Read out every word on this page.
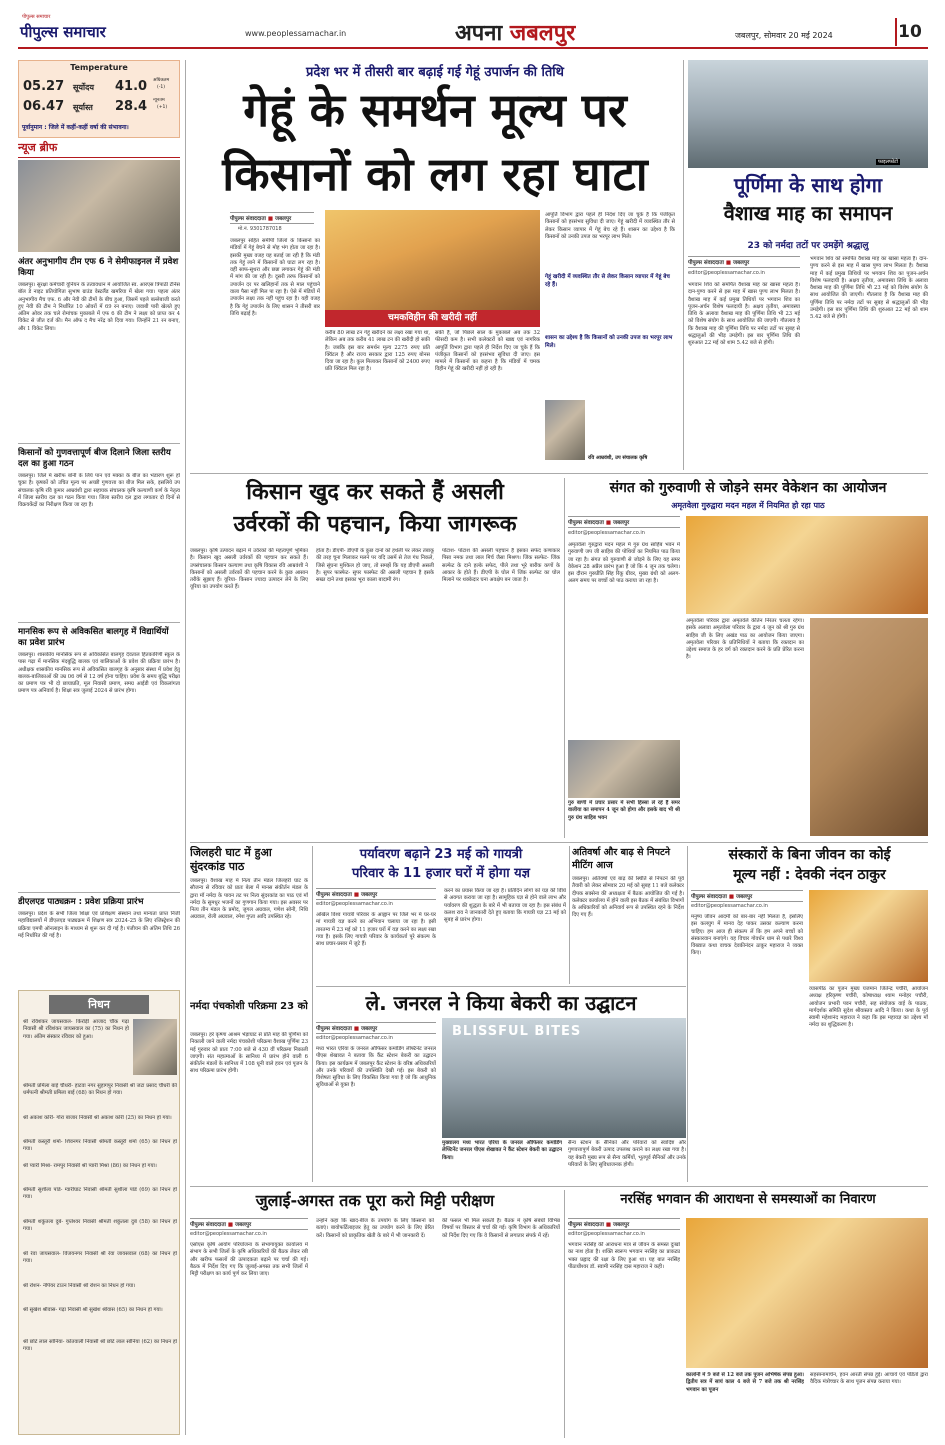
पीपुल्स समाचार
पीपुल्स समाचार
www.peoplessamachar.in	अपना जबलपुर	जबलपुर, सोमवार 20 मई 2024	10
Temperature
05.27 सूर्योदय 41.0 अधिकतम
(-1)
06.47 सूर्यास्त 28.4 न्यूनतम
(+1)
पूर्वानुमान : जिले में कहीं-कहीं वर्षा की संभावना।
न्यूज ब्रीफ
अंतर अनुभागीय टीम एफ 6 ने सेमीफाइनल में प्रवेश किया
जबलपुर। सुरक्षा कर्मचारी यूनियन के तत्वावधान में आयोजित स्व. आरएस त्रिपाठी टेनिस बॉल डे नाइट प्रतियोगिता सुभाष ग्राउंड वेस्टलैंड खमरिया में खेला गया। पहला अंतर अनुभागीय मैच एफ. 6 और नेवी की टीमों के बीच हुआ, जिसमें पहले बल्लेबाजी करते हुए नेवी की टीम ने निर्धारित 10 ओवरों में 69 रन बनाए। जवाबी पारी खेलते हुए अंतिम ओवर तक चले रोमांचक मुकाबले में एफ 6 की टीम ने लक्ष्य को प्राप्त कर 4 विकेट से जीत दर्ज की। मैन ऑफ द मैच नरेंद्र को दिया गया। जिन्होंने 21 रन बनाए, और 1 विकेट लिया।
किसानों को गुणवत्तापूर्ण बीज दिलाने जिला स्तरीय दल का हुआ गठन
जबलपुर। जिले में खरीफ बोनी के लिये पान एवं मक्का के बीज का भंडारण शुरू हो चुका है। कृषकों को उचित मूल्य पर अच्छी गुणवत्ता का बीज मिल सके, इसलिये उप संचालक कृषि रवि कुमार आम्रवंशी द्वारा सहायक संचालक कृषि कल्याणी कर्ण के नेतृत्व में जिला स्तरीय दल का गठन किया गया। जिला स्तरीय दल द्वारा लगातार दो दिनों से विक्रयकेंद्रों का निरीक्षण किया जा रहा है।
मानसिक रूप से अविकसित बालगृह में विद्यार्थियों का प्रवेश प्रारंभ
जबलपुर। शासकीय मानसिक रूप से अविकसित बालगृह देवताल हितकारिणी स्कूल के पास गढ़ा में मानसिक मंदबुद्धि बालक एवं बालिकाओं के प्रवेश की प्रक्रिया प्रारंभ है। अधीक्षक शासकीय मानसिक रूप से अविकसित बालगृह के अनुसार संस्था में प्रवेश हेतु बालक-बालिकाओं की उम्र 06 वर्ष से 12 वर्ष होना चाहिए। प्रवेश के समय बुद्धि परीक्षा का प्रमाण पत्र भी दो छायाप्रति, मूल निवासी प्रमाण, समग्र आईडी एवं विकलांगता प्रमाण पत्र अनिवार्य है। शिक्षा सत्र जुलाई 2024 से प्रारंभ होगा।
डीएलएड पाठ्यक्रम : प्रवेश प्रक्रिया प्रारंभ
जबलपुर। प्रदेश के सभी जिला शिक्षा एवं प्रशिक्षण संस्थान तथा मान्यता प्राप्त निजी महाविद्यालयों में डीएलएड पाठ्यक्रम में शिक्षण सत्र 2024-25 के लिए रजिस्ट्रेशन की प्रक्रिया एमपी ऑनलाइन के माध्यम से शुरू कर दी गई है। पंजीयन की अंतिम तिथि 26 मई निर्धारित की गई है।
निधन
श्री रविशंकर जायसवाल- किरोड़ी आजाद चौक गढ़ा निवासी श्री रविशंकर जायसवाल का (75) का निधन हो गया। अंतिम संस्कार रविवार को हुआ।
श्रीमती प्रमिला बाई चौधरी- हाटवा नगर सुहागपुर निवासी श्री जटा प्रसाद चौधरी की धर्मपत्नी श्रीमती प्रमिला बाई (68) का निधन हो गया।
श्री अकाश कोरी- गोरा बाजार निवासी श्री अकाश कोरी (25) का निधन हो गया।
श्रीमती कस्तूरी शर्मा- शिवनगर निवासी श्रीमती कस्तूरी शर्मा (65) का निधन हो गया।
श्री प्यारी मिश्रा- रामपुर निवासी श्री प्यारी मिश्रा (86) का निधन हो गया।
श्रीमती सुशीला पांडे- ग्वारीघाट निवासी श्रीमती सुशीला पांडे (69) का निधन हो गया।
श्रीमती शकुंतला दुबे- गुप्तेश्वर निवासी श्रीमती शकुंतला दुबे (58) का निधन हो गया।
श्री रेवा जायसवाल- विजयनगर निवासी श्री रेवा जायसवाल (68) का निधन हो गया।
श्री रोशन- नेपियर टाउन निवासी श्री रोशन का निधन हो गया।
श्री सुखेश श्रीवास- गढ़ा निवासी श्री सुखेश श्रीवास (65) का निधन हो गया।
श्री छोटे लाल सोनिया- कोतवाली निवासी श्री छोटे लाल सोनिया (62) का निधन हो गया।
प्रदेश भर में तीसरी बार बढ़ाई गई गेहूं उपार्जन की तिथि
गेहूं के समर्थन मूल्य पर
किसानों को लग रहा घाटा
पीपुल्स संवाददाता ■ जबलपुर
मो.नं. 9301787018
चमकविहीन की खरीदी नहीं
जबलपुर सहित समीपी जिलों के किसानों का मंडियों में गेहूं बेचने से मोह भंग होता जा रहा है। इसकी मुख्य वजह यह बताई जा रही है कि मंडी तक गेहूं लाने में किसानों को घाटा लग रहा है। वहीं साफ-सुथरा और छन्ना लगाकर गेहूं की मंडी में मांग की जा रही है। दूसरी तरफ किसानों को उपार्जन दर पर खलिहानों तक से माल पहुंचाने वाला पैसा नहीं मिल पा रहा है। ऐसे में मंडियों में उपार्जन लक्ष्य तक नहीं पहुंच रहा है। यही वजह है कि गेहूं उपार्जन के लिए शासन ने तीसरी बार तिथि बढ़ाई है।
करीब 80 लाख टन गेहूं खरीदने का लक्ष्य रखा गया था, लेकिन अब तक करीब 41 लाख टन की खरीदी हो सकी है। जबकि इस बार समर्थन मूल्य 2275 रुपए प्रति क्विंटल है और राज्य सरकार द्वारा 125 रुपए बोनस दिया जा रहा है। कुल मिलाकर किसानों को 2400 रुपए प्रति क्विंटल मिल रहा है।
सकी है, जो पिछले साल के मुकाबले अब तक 32 फीसदी कम है। सभी कलेक्टरों को खाद्य एवं नागरिक आपूर्ति विभाग द्वारा पहले ही निर्देश दिए जा चुके हैं कि पंजीकृत किसानों को हरसंभव सुविधा दी जाए। इस मामले में किसानों का कहना है कि मंडियों में चमक विहीन गेहूं की खरीदी नहीं हो रही है।
आपूर्ति विभाग द्वारा पहले ही निर्देश दिए जा चुके हैं कि पंजीकृत किसानों को हरसंभव सुविधा दी जाए। गेहूं खरीदी में व्यवस्थित तौर से लेकर किसान व्यापार में गेहूं बेच रहे हैं। शासन का उद्देश्य है कि किसानों को उनकी उपज का भरपूर लाभ मिले।
गेहूं खरीदी में व्यवस्थित तौर से लेकर किसान व्यापार में गेहूं बेच रहे हैं।
शासन का उद्देश्य है कि किसानों को उनकी उपज का भरपूर लाभ मिले।
रवि आम्रवंशी, उप संचालक कृषि
फाइलफोटो
पूर्णिमा के साथ होगा
वैशाख माह का समापन
23 को नर्मदा तटों पर उमड़ेंगे श्रद्धालु
पीपुल्स संवाददाता ■ जबलपुर
editor@peoplessamachar.co.in
भगवान शिव को समर्पित वैशाख माह का खासा महत्व है। दान-पुण्य करने से इस माह में खास पुण्य लाभ मिलता है। वैशाख माह में कई प्रमुख तिथियों पर भगवान शिव का पूजन-अर्चन विशेष फलदायी है। अक्षय तृतीया, अमावस्या तिथि के अलावा वैशाख माह की पूर्णिमा तिथि भी 23 मई को विशेष संयोग के साथ आयोजित की जाएगी। गौतलाव है कि वैशाख माह की पूर्णिमा तिथि पर नर्मदा तटों पर सुबह से श्रद्धालुओं की भीड़ उमड़ेगी। इस बार पूर्णिमा तिथि की शुरुआत 22 मई को शाम 5.42 बजे से होगी।
भगवान शिव को समर्पित वैशाख माह का खासा महत्व है। दान-पुण्य करने से इस माह में खास पुण्य लाभ मिलता है। वैशाख माह में कई प्रमुख तिथियों पर भगवान शिव का पूजन-अर्चन विशेष फलदायी है। अक्षय तृतीया, अमावस्या तिथि के अलावा वैशाख माह की पूर्णिमा तिथि भी 23 मई को विशेष संयोग के साथ आयोजित की जाएगी। गौतलाव है कि वैशाख माह की पूर्णिमा तिथि पर नर्मदा तटों पर सुबह से श्रद्धालुओं की भीड़ उमड़ेगी। इस बार पूर्णिमा तिथि की शुरुआत 22 मई को शाम 5.42 बजे से होगी।
किसान खुद कर सकते हैं असली
उर्वरकों की पहचान, किया जागरूक
जबलपुर। कृषि उत्पादन बढ़ाने में उर्वरकों की महत्वपूर्ण भूमिका है। किसान खुद असली उर्वरकों की पहचान कर सकते हैं। उपसंचालक किसान कल्याण तथा कृषि विकास रवि आम्रवंशी ने किसानों को असली उर्वरकों की पहचान करने के कुछ आसान तरीके सुझाए हैं। यूरिया- किसान ज्यादा उत्पादन लेने के लिए यूरिया का उपयोग करते हैं।
होता है। डीएपी- डीएपी के कुछ दानों को हथेली पर लेकर तंबाकू की तरह चूना मिलाकर मलने पर यदि उसमें से तेज गंध निकले, जिसे सूंघना मुश्किल हो जाए, तो समझें कि यह डीएपी असली है। सुपर फास्फेट- सुपर फास्फेट की असली पहचान है इसके सख्त दाने तथा इसका भूरा काला बादामी रंग।
पोटाश- पोटाश की असली पहचान है इसका सफेद कणाकार पिसा नमक तथा लाल मिर्च जैसा मिश्रण। जिंक सल्फेट- जिंक सल्फेट के दाने हल्के सफेद, पीले तथा भूरे बारीक कणों के आकार के होते हैं। डीएपी के घोल में जिंक सल्फेट का घोल मिलाने पर थक्केदार घना अवक्षेप बन जाता है।
संगत को गुरुवाणी से जोड़ने समर वेकेशन का आयोजन
अमृतवेला गुरुद्वारा मदन महल में नियमित हो रहा पाठ
पीपुल्स संवाददाता ■ जबलपुर
editor@peoplessamachar.co.in
अमृतवेला गुरुद्वारा मदन महल में गुरु ग्रंथ साहिब भवन में गुरुवाणी जप जी साहिब की पोथियों का नियमित पाठ किया जा रहा है। संगत को गुरुवाणी से जोड़ने के लिए यह समर वेकेशन 28 अप्रैल प्रारंभ हुआ है जो कि 4 जून तक चलेगा। इस दौरान गुरुप्रीति सिंह रिंकू ग्रीवर, मुख्य ग्रंथी को अलग-अलग समय पर बच्चों को पाठ कराया जा रहा है।
गुरु बाणी में प्रचार प्रसार में सभी हिस्सा ले रहे हैं समर वालीया का समापन 4 जून को होगा और इसके बाद भी श्री गुरु ग्रंथ साहिब भवन
अमृतवेला परिवार द्वारा अमृतवेले कीर्तन निरंतर चलता रहेगा। इसके अलावा अमृतवेला परिवार के द्वारा 4 जून को श्री गुरु ग्रंथ साहिब जी के लिए अखंड पाठ का आयोजन किया जाएगा। अमृतवेला परिवार के प्रतिनिधियों ने बताया कि रक्तदान का उद्देश्य समाज के हर वर्ग को रक्तदान करने के प्रति प्रेरित करना है।
जिलहरी घाट में हुआ सुंदरकांड पाठ
जबलपुर। वैशाख माह में नित्य तीन मंडल जिलहरी घाट के सौजन्य से रविवार को प्रातः बेला में मानस संकीर्तन मंडल के द्वारा माँ नर्मदा के पावन तट पर नित्य सुंदरकांड का पाठ एवं माँ नर्मदा के सुमधुर भजनों का गुणगान किया गया। इस अवसर पर नित्य तीन मंडल के प्रमोद, जुगल अग्रवाल, गणेश सोनी, निधि अग्रवाल, रोली अग्रवाल, रमेश गुप्ता आदि उपस्थित रहे।
नर्मदा पंचकोशी परिक्रमा 23 को
जबलपुर। हरे कृष्णा आश्रम भेड़ाघाट से प्रति माह की पूर्णिमा को निकाली जाने वाली नर्मदा पंचकोशी परिक्रमा वैशाख पूर्णिमा 23 मई गुरुवार को प्रातः 7:00 बजे से 430 वीं परिक्रमा निकाली जाएगी। संत महात्माओं के सानिध्य में प्रारंभ होने वाली 6 संकीर्तन मंडलों के सानिध्य में 108 धूनी वाले हवन एवं पूजन के साथ परिक्रमा प्रारंभ होगी।
पर्यावरण बढ़ाने 23 मई को गायत्री
परिवार के 11 हजार घरों में होगा यज्ञ
पीपुल्स संवाददाता ■ जबलपुर
editor@peoplessamachar.co.in
अखिल विश्व गायत्री परिवार के आह्वान पर जिले भर में घर-घर मां गायत्री यज्ञ करने का अभियान चलाया जा रहा है। इसी तारतम्य में 23 मई को 11 हजार घरों में यज्ञ करने का लक्ष्य रखा गया है। इसके लिए गायत्री परिवार के कार्यकर्ता पूरे संकल्प के साथ प्रचार-प्रसार में जुटे हैं।
करने का प्रयास किया जा रहा है। प्रतिदिन लोगों को यज्ञ की विधि से अवगत कराया जा रहा है। सामूहिक यज्ञ से होने वाले लाभ और पर्यावरण की शुद्धता के बारे में भी बताया जा रहा है। इस संबंध में कलश राव ने जानकारी देते हुए बताया कि गायत्री यज्ञ 23 मई को सुबह से प्रारंभ होगा।
अतिवर्षा और बाढ़ से निपटने मीटिंग आज
जबलपुर। अतिवर्षा एवं बाढ़ की स्थिति से निपटने की पूर्व तैयारी को लेकर सोमवार 20 मई को सुबह 11 बजे कलेक्टर दीपक सक्सेना की अध्यक्षता में बैठक आयोजित की गई है। कलेक्टर कार्यालय में होने वाली इस बैठक में संबंधित विभागों के अधिकारियों को अनिवार्य रूप से उपस्थित रहने के निर्देश दिए गए हैं।
संस्कारों के बिना जीवन का कोई
मूल्य नहीं : देवकी नंदन ठाकुर
पीपुल्स संवाददाता ■ जबलपुर
editor@peoplessamachar.co.in
मनुष्य जीवन आदमी को बार-बार नहीं मिलता है, इसलिए इस कलयुग में मानव देह पाकर उसका कल्याण करना चाहिए। हम आज ही संकल्प लें कि हम अपने बच्चों को संस्कारवान बनाएंगे। यह विचार गोवर्धन धाम से पधारे विश्व विख्यात कथा वाचक देवकीनंदन ठाकुर महाराज ने व्यक्त किए।
व्यासपीठ का पूजन मुख्य यजमान जितेन्द्र पचौरी, आयोजन अध्यक्ष हरिकृष्ण पचौरी, कोषाध्यक्ष श्याम मनोहर पचौरी, आयोजन प्रभारी पवन पचौरी, सह संयोजक वाई के पाठक, मार्गदर्शक समिति सुदेश श्रीवास्तव आदि ने किया। कथा के पूर्व स्वामी महेशानंद महाराज ने कहा कि इस महायज्ञ का उद्देश्य माँ नर्मदा का शुद्धिकरण है।
ले. जनरल ने किया बेकरी का उद्घाटन
पीपुल्स संवाददाता ■ जबलपुर
editor@peoplessamachar.co.in
मध्य भारत एरिया के जनरल ऑफिसर कमांडिंग लेफ्टिनेंट जनरल पीएस शेखावत ने बताया कि कैंट स्टेशन बेकरी का उद्घाटन किया। इस कार्यक्रम में जबलपुर कैंट स्टेशन के वरिष्ठ अधिकारियों और उनके परिवारों की उपस्थिति देखी गई। इस बेकरी को विशेषतः सुविधा के लिए विकसित किया गया है जो कि आधुनिक सुविधाओं से युक्त है।
BLISSFUL BITES
मुख्यालय मध्य भारत एरिया के जनरल ऑफिसर कमांडिंग लेफ्टिनेंट जनरल पीएस शेखावत ने कैंट स्टेशन बेकरी का उद्घाटन किया।
सैन्य स्टेशन के सैनिकों और परिवारों को स्वादिष्ट और गुणवत्तापूर्ण बेकरी उत्पाद उपलब्ध कराने का लक्ष्य रखा गया है। यह बेकरी मुख्य रूप से सैन्य कर्मियों, भूतपूर्व सैनिकों और उनके परिवारों के लिए सुविधाजनक होगी।
जुलाई-अगस्त तक पूरा करो मिट्टी परीक्षण
पीपुल्स संवाददाता ■ जबलपुर
editor@peoplessamachar.co.in
एसोएस कृषि आयोग परियोजना के संभागायुक्त कार्यालय में संभाग के सभी जिलों के कृषि अधिकारियों की बैठक लेकर रबी और खरीफ फसलों की उत्पादकता बढ़ाने पर चर्चा की गई। बैठक में निर्देश दिए गए कि जुलाई-अगस्त तक सभी जिलों में मिट्टी परीक्षण का कार्य पूर्ण कर लिया जाए।
उन्होंने कहा कि खाद-बीज के उपयोग के लिए किसानों को बताएं। बायोफर्टिलाइजर हेतु का उपयोग करने के लिए प्रेरित करें। किसानों को प्राकृतिक खेती के बारे में भी जानकारी दें।
की फसल भी मिल सकती है। बैठक में कृषि संबंधी विभिन्न विषयों पर विस्तार से चर्चा की गई। कृषि विभाग के अधिकारियों को निर्देश दिए गए कि वे किसानों से लगातार संपर्क में रहें।
नरसिंह भगवान की आराधना से समस्याओं का निवारण
पीपुल्स संवाददाता ■ जबलपुर
editor@peoplessamachar.co.in
भगवान नरसिंह की आराधना मात्र से जीवन के समस्त दुःखों का नाश होता है। शक्ति स्वरूप भगवान नरसिंह का प्राकट्य भक्त प्रह्लाद की रक्षा के लिए हुआ था। यह बात नरसिंह पीठाधीश्वर डॉ. स्वामी नरसिंह दास महाराज ने कही।
कालोनी में 9 बजे से 12 बजे तक पूजन अभिषेक संपन्न हुआ। द्वितीय सत्र में सायं काल 4 बजे से 7 बजे तक श्री नरसिंह भगवान का पूजन
सहस्त्रनामार्चन, हवन आरती संपन्न हुई। आचार्य एवं पंडितों द्वारा वैदिक मंत्रोच्चार के साथ पूजन संपन्न कराया गया।
